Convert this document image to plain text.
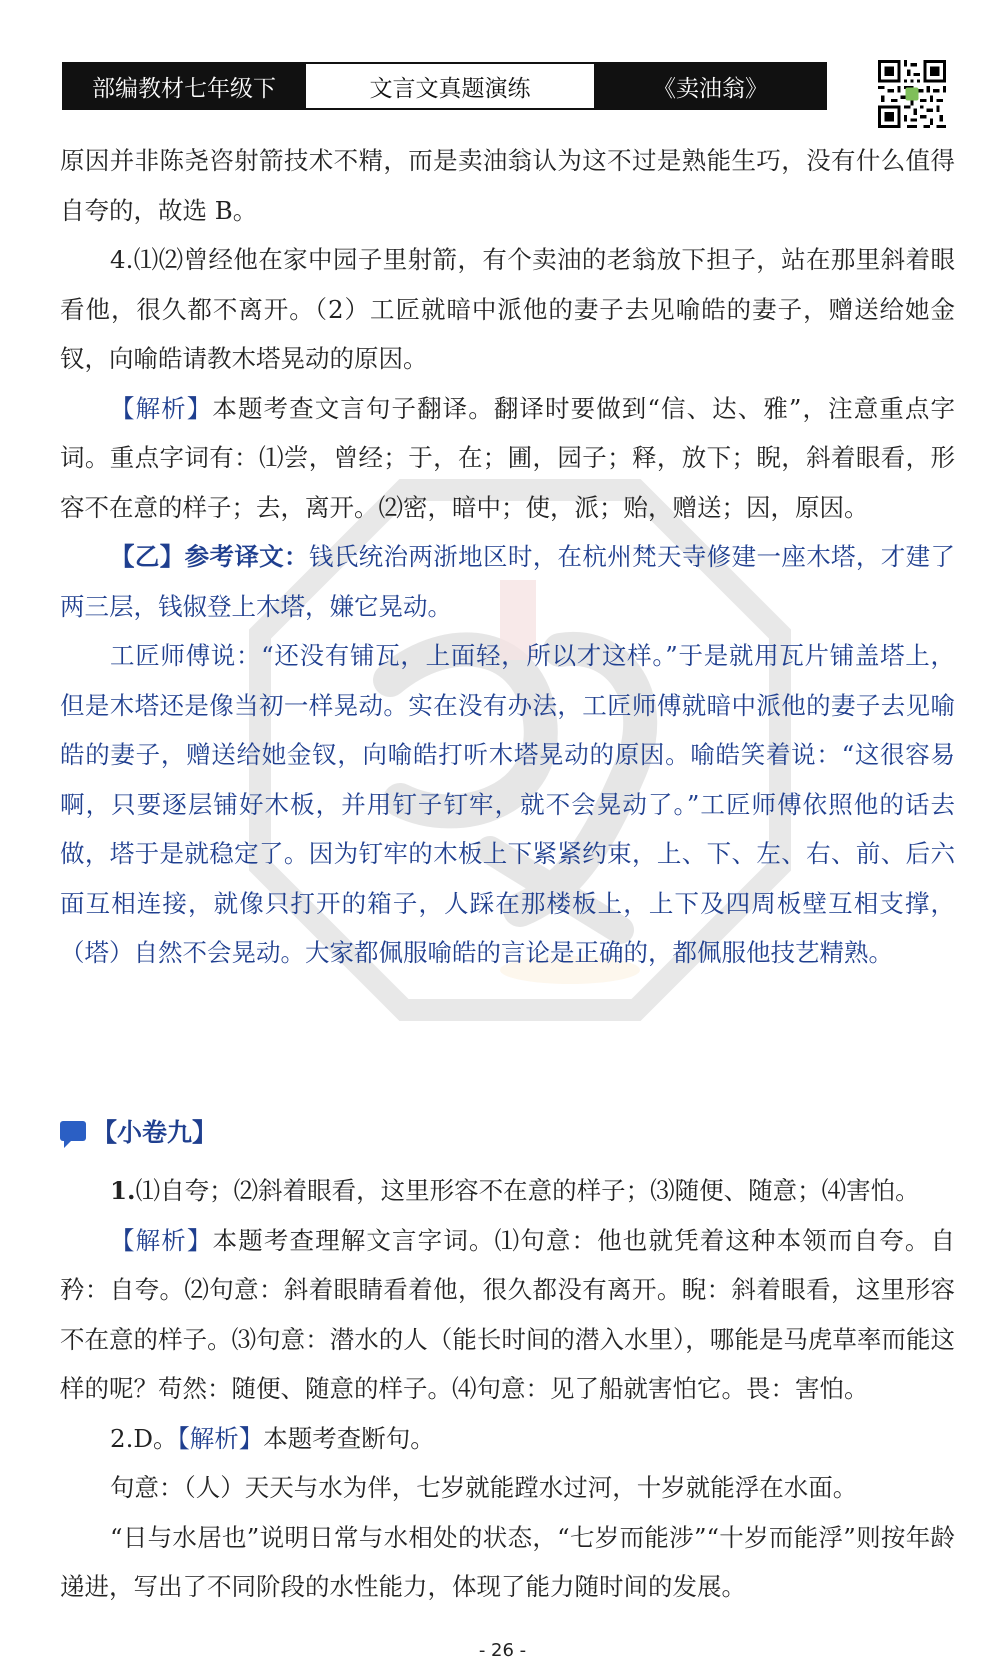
部编教材七年级下	文言文真题演练	《卖油翁》

原因并非陈尧咨射箭技术不精，而是卖油翁认为这不过是熟能生巧，没有什么值得自夸的，故选 B。

4.⑴⑵曾经他在家中园子里射箭，有个卖油的老翁放下担子，站在那里斜着眼看他，很久都不离开。（2）工匠就暗中派他的妻子去见喻皓的妻子，赠送给她金钗，向喻皓请教木塔晃动的原因。

【解析】本题考查文言句子翻译。翻译时要做到“信、达、雅”，注意重点字词。重点字词有：⑴尝，曾经；于，在；圃，园子；释，放下；睨，斜着眼看，形容不在意的样子；去，离开。⑵密，暗中；使，派；贻，赠送；因，原因。

【乙】参考译文：钱氏统治两浙地区时，在杭州梵天寺修建一座木塔，才建了两三层，钱俶登上木塔，嫌它晃动。

工匠师傅说：“还没有铺瓦，上面轻，所以才这样。”于是就用瓦片铺盖塔上，但是木塔还是像当初一样晃动。实在没有办法，工匠师傅就暗中派他的妻子去见喻皓的妻子，赠送给她金钗，向喻皓打听木塔晃动的原因。喻皓笑着说：“这很容易啊，只要逐层铺好木板，并用钉子钉牢，就不会晃动了。”工匠师傅依照他的话去做，塔于是就稳定了。因为钉牢的木板上下紧紧约束，上、下、左、右、前、后六面互相连接，就像只打开的箱子，人踩在那楼板上，上下及四周板壁互相支撑，（塔）自然不会晃动。大家都佩服喻皓的言论是正确的，都佩服他技艺精熟。

【小卷九】

1.⑴自夸；⑵斜着眼看，这里形容不在意的样子；⑶随便、随意；⑷害怕。

【解析】本题考查理解文言字词。⑴句意：他也就凭着这种本领而自夸。自矜：自夸。⑵句意：斜着眼睛看着他，很久都没有离开。睨：斜着眼看，这里形容不在意的样子。⑶句意：潜水的人（能长时间的潜入水里），哪能是马虎草率而能这样的呢？苟然：随便、随意的样子。⑷句意：见了船就害怕它。畏：害怕。

2.D。【解析】本题考查断句。

句意：（人）天天与水为伴，七岁就能蹚水过河，十岁就能浮在水面。

“日与水居也”说明日常与水相处的状态，“七岁而能涉”“十岁而能浮”则按年龄递进，写出了不同阶段的水性能力，体现了能力随时间的发展。

- 26 -
